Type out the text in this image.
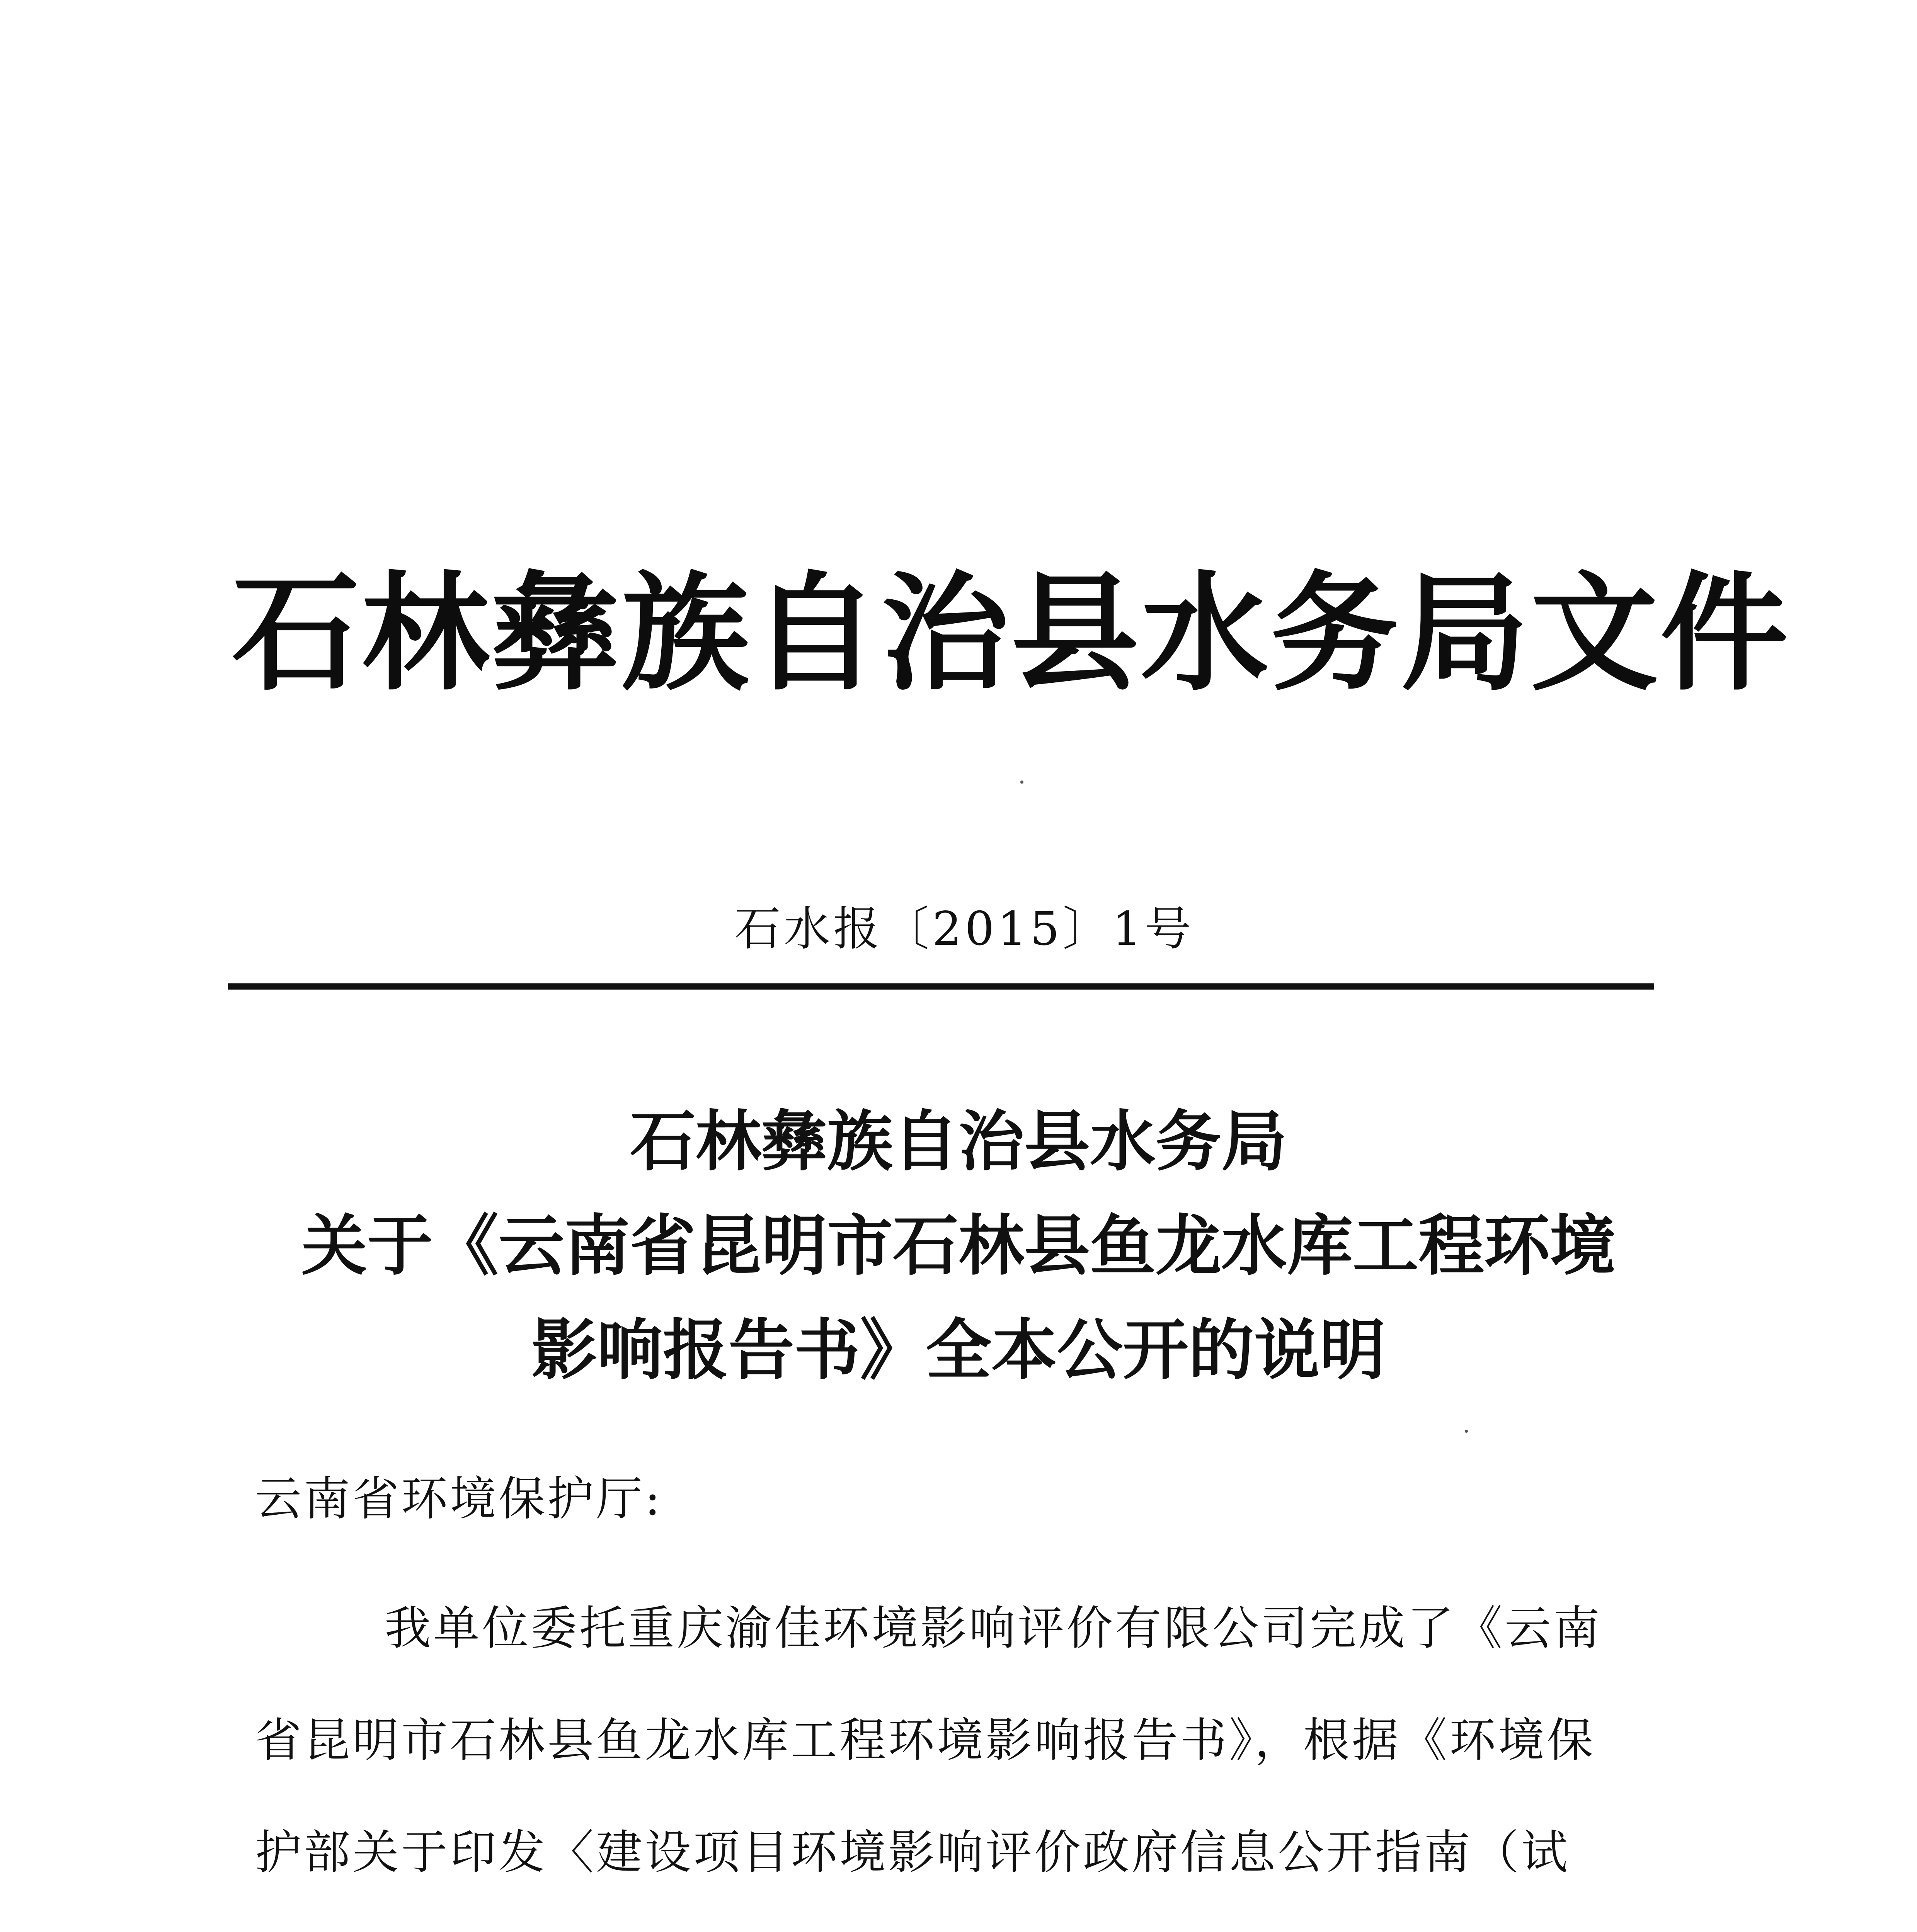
石林彝族自治县水务局文件
石水报〔2015〕1号
石林彝族自治县水务局
关于《云南省昆明市石林县鱼龙水库工程环境
影响报告书》全本公开的说明
云南省环境保护厅:
我单位委托重庆渝佳环境影响评价有限公司完成了《云南
省昆明市石林县鱼龙水库工程环境影响报告书》，根据《环境保
护部关于印发〈建设项目环境影响评价政府信息公开指南（试
